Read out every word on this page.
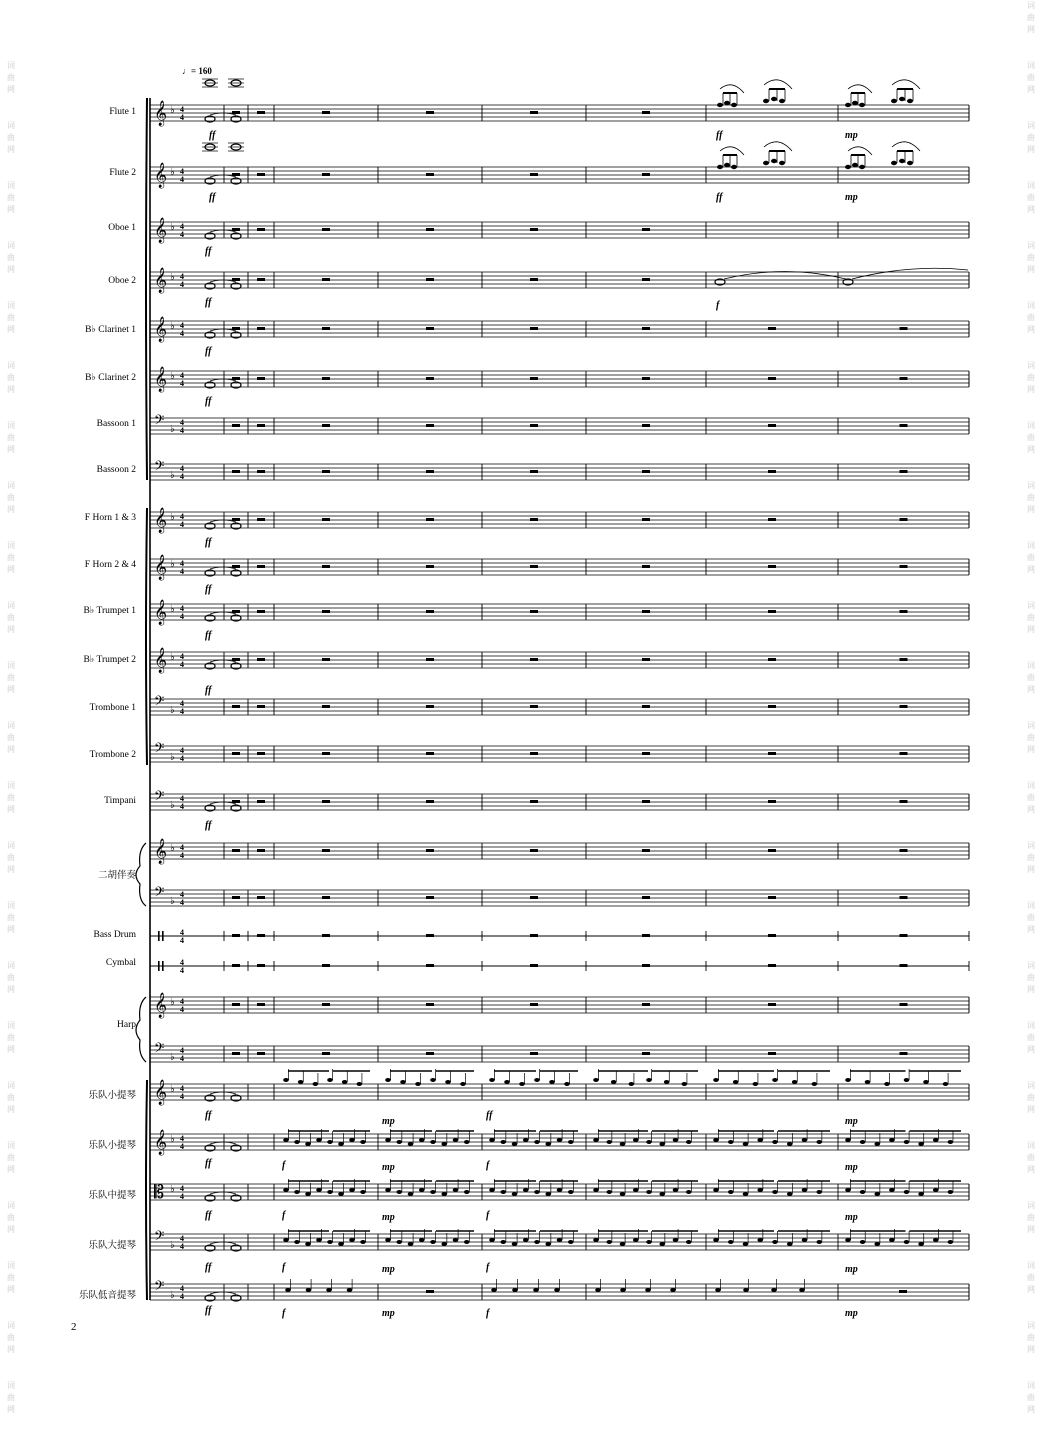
𝄞 ♭ 4
4
𝄞 ♭ 4
4
𝄞 ♭ 4
4
𝄞 ♭ 4
4
𝄞 ♭ 4
4
𝄞 ♭ 4
4
𝄢 ♭
4
4
𝄢 ♭
4
4
𝄞 ♭ 4
4
𝄞 ♭ 4
4
𝄞 ♭ 4
4
𝄞 ♭ 4
4
𝄢 ♭
4
4
𝄢 ♭
4
4
𝄢 ♭
4
4
𝄞 ♭ 4
4
𝄢 ♭
4
4
4
4
4
4
𝄞 ♭ 4
4
𝄢 ♭
4
4
𝄞 ♭ 4
4
𝄞 ♭ 4
4
𝄡 ♭ 4
4
𝄢 ♭
4
4
𝄢 ♭
4
4
ff	ff	mp
ff	ff	mp
ff
ff	f
ff
ff
ff
ff
ff
ff
ff
ff
mp
ff
mp
ff	f	mp	f	mp
ff	f	mp	f	mp
ff	f	mp	f	mp
ff	f	mp	f	mp
Flute 1
Flute 2
Oboe 1
Oboe 2
B♭ Clarinet 1
B♭ Clarinet 2
Bassoon 1
Bassoon 2
F Horn 1 & 3
F Horn 2 & 4
B♭ Trumpet 1
B♭ Trumpet 2
Trombone 1
Trombone 2
Timpani
二胡伴奏
Bass Drum
Cymbal
Harp
乐队小提琴
乐队小提琴
乐队中提琴
乐队大提琴
乐队低音提琴
♩= 160
2
词
曲
网
词
曲
网
词
曲
网
词
曲
网
词
曲
网
词
曲
网
词
曲
网
词
曲
网
词
曲
网
词
曲
网
词
曲
网
词
曲
网
词
曲
网
词
曲
网
词
曲
网
词
曲
网
词
曲
网
词
曲
网
词
曲
网
词
曲
网
词
曲
网
词
曲
网
词
曲
网
词
曲
网
词
曲
网
词
曲
网
词
曲
网
词
曲
网
词
曲
网
词
曲
网
词
曲
网
词
曲
网
词
曲
网
词
曲
网
词
曲
网
词
曲
网
词
曲
网
词
曲
网
词
曲
网
词
曲
网
词
曲
网
词
曲
网
词
曲
网
词
曲
网
词
曲
网
词
曲
网
词
曲
网
